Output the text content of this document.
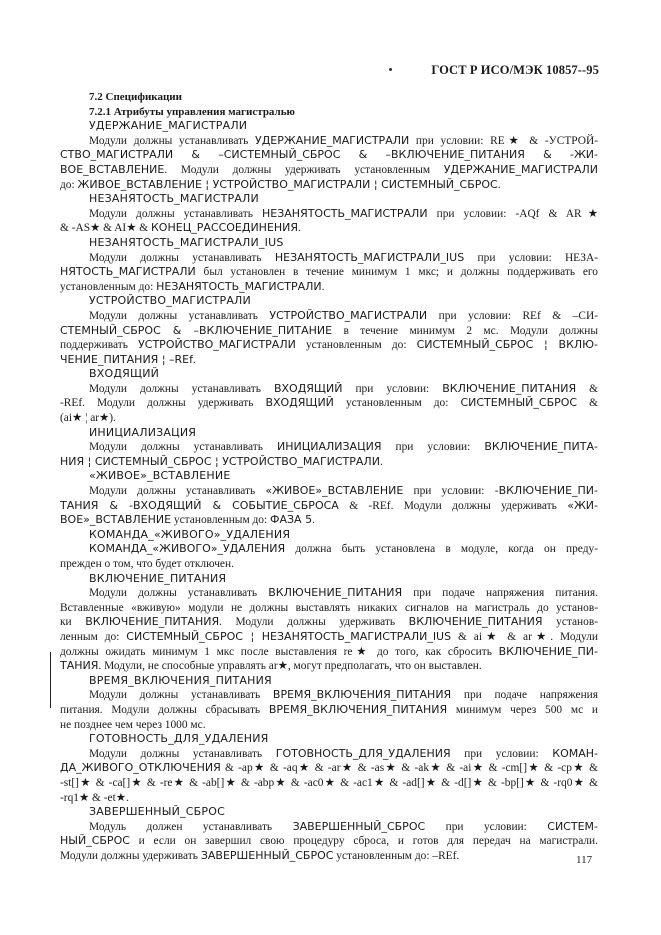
ГОСТ Р ИСО/МЭК 10857--95
7.2 Спецификации
7.2.1 Атрибуты управления магистралью
УДЕРЖАНИЕ_МАГИСТРАЛИ
Модули должны устанавливать УДЕРЖАНИЕ_МАГИСТРАЛИ при условии: RE★ & -УСТРОЙ-
СТВО_МАГИСТРАЛИ & –СИСТЕМНЫЙ_СБРОС & –ВКЛЮЧЕНИЕ_ПИТАНИЯ & -ЖИ-
ВОЕ_ВСТАВЛЕНИЕ. Модули должны удерживать установленным УДЕРЖАНИЕ_МАГИСТРАЛИ
до: ЖИВОЕ_ВСТАВЛЕНИЕ ¦ УСТРОЙСТВО_МАГИСТРАЛИ ¦ СИСТЕМНЫЙ_СБРОС.
НЕЗАНЯТОСТЬ_МАГИСТРАЛИ
Модули должны устанавливать НЕЗАНЯТОСТЬ_МАГИСТРАЛИ при условии: -AQf & AR★
& -AS★ & AI★ & КОНЕЦ_РАССОЕДИНЕНИЯ.
НЕЗАНЯТОСТЬ_МАГИСТРАЛИ_IUS
Модули должны устанавливать НЕЗАНЯТОСТЬ_МАГИСТРАЛИ_IUS при условии: НЕЗА-
НЯТОСТЬ_МАГИСТРАЛИ был установлен в течение минимум 1 мкс; и должны поддерживать его
установленным до: НЕЗАНЯТОСТЬ_МАГИСТРАЛИ.
УСТРОЙСТВО_МАГИСТРАЛИ
Модули должны устанавливать УСТРОЙСТВО_МАГИСТРАЛИ при условии: REf & –СИ-
СТЕМНЫЙ_СБРОС & –ВКЛЮЧЕНИЕ_ПИТАНИЕ в течение минимум 2 мс. Модули должны
поддерживать УСТРОЙСТВО_МАГИСТРАЛИ установленным до: СИСТЕМНЫЙ_СБРОС ¦ ВКЛЮ-
ЧЕНИЕ_ПИТАНИЯ ¦ –REf.
ВХОДЯЩИЙ
Модули должны устанавливать ВХОДЯЩИЙ при условии: ВКЛЮЧЕНИЕ_ПИТАНИЯ &
-REf. Модули должны удерживать ВХОДЯЩИЙ установленным до: СИСТЕМНЫЙ_СБРОС &
(ai★ ¦ ar★).
ИНИЦИАЛИЗАЦИЯ
Модули должны устанавливать ИНИЦИАЛИЗАЦИЯ при условии: ВКЛЮЧЕНИЕ_ПИТА-
НИЯ ¦ СИСТЕМНЫЙ_СБРОС ¦ УСТРОЙСТВО_МАГИСТРАЛИ.
«ЖИВОЕ»_ВСТАВЛЕНИЕ
Модули должны устанавливать «ЖИВОЕ»_ВСТАВЛЕНИЕ при условии: -ВКЛЮЧЕНИЕ_ПИ-
ТАНИЯ & -ВХОДЯЩИЙ & СОБЫТИЕ_СБРОСА & -REf. Модули должны удерживать «ЖИ-
ВОЕ»_ВСТАВЛЕНИЕ установленным до: ФАЗА 5.
КОМАНДА_«ЖИВОГО»_УДАЛЕНИЯ
КОМАНДА_«ЖИВОГО»_УДАЛЕНИЯ должна быть установлена в модуле, когда он преду-
прежден о том, что будет отключен.
ВКЛЮЧЕНИЕ_ПИТАНИЯ
Модули должны устанавливать ВКЛЮЧЕНИЕ_ПИТАНИЯ при подаче напряжения питания.
Вставленные «вживую» модули не должны выставлять никаких сигналов на магистраль до установ-
ки ВКЛЮЧЕНИЕ_ПИТАНИЯ. Модули должны удерживать ВКЛЮЧЕНИЕ_ПИТАНИЯ установ-
ленным до: СИСТЕМНЫЙ_СБРОС ¦ НЕЗАНЯТОСТЬ_МАГИСТРАЛИ_IUS & ai★ & ar★. Модули
должны ожидать минимум 1 мкс после выставления re★ до того, как сбросить ВКЛЮЧЕНИЕ_ПИ-
ТАНИЯ. Модули, не способные управлять ar★, могут предполагать, что он выставлен.
ВРЕМЯ_ВКЛЮЧЕНИЯ_ПИТАНИЯ
Модули должны устанавливать ВРЕМЯ_ВКЛЮЧЕНИЯ_ПИТАНИЯ при подаче напряжения
питания. Модули должны сбрасывать ВРЕМЯ_ВКЛЮЧЕНИЯ_ПИТАНИЯ минимум через 500 мс и
не позднее чем через 1000 мс.
ГОТОВНОСТЬ_ДЛЯ_УДАЛЕНИЯ
Модули должны устанавливать ГОТОВНОСТЬ_ДЛЯ_УДАЛЕНИЯ при условии: КОМАН-
ДА_ЖИВОГО_ОТКЛЮЧЕНИЯ & -ap★ & -aq★ & -ar★ & -as★ & -ak★ & -ai★ & -cm[]★ & -cp★ &
-st[]★ & -ca[]★ & -re★ & -ab[]★ & -abp★ & -ac0★ & -ac1★ & -ad[]★ & -d[]★ & -bp[]★ & -rq0★ &
-rq1★ & -et★.
ЗАВЕРШЕННЫЙ_СБРОС
Модуль должен устанавливать ЗАВЕРШЕННЫЙ_СБРОС при условии: СИСТЕМ-
НЫЙ_СБРОС и если он завершил свою процедуру сброса, и готов для передач на магистрали.
Модули должны удерживать ЗАВЕРШЕННЫЙ_СБРОС установленным до: –REf.	117
